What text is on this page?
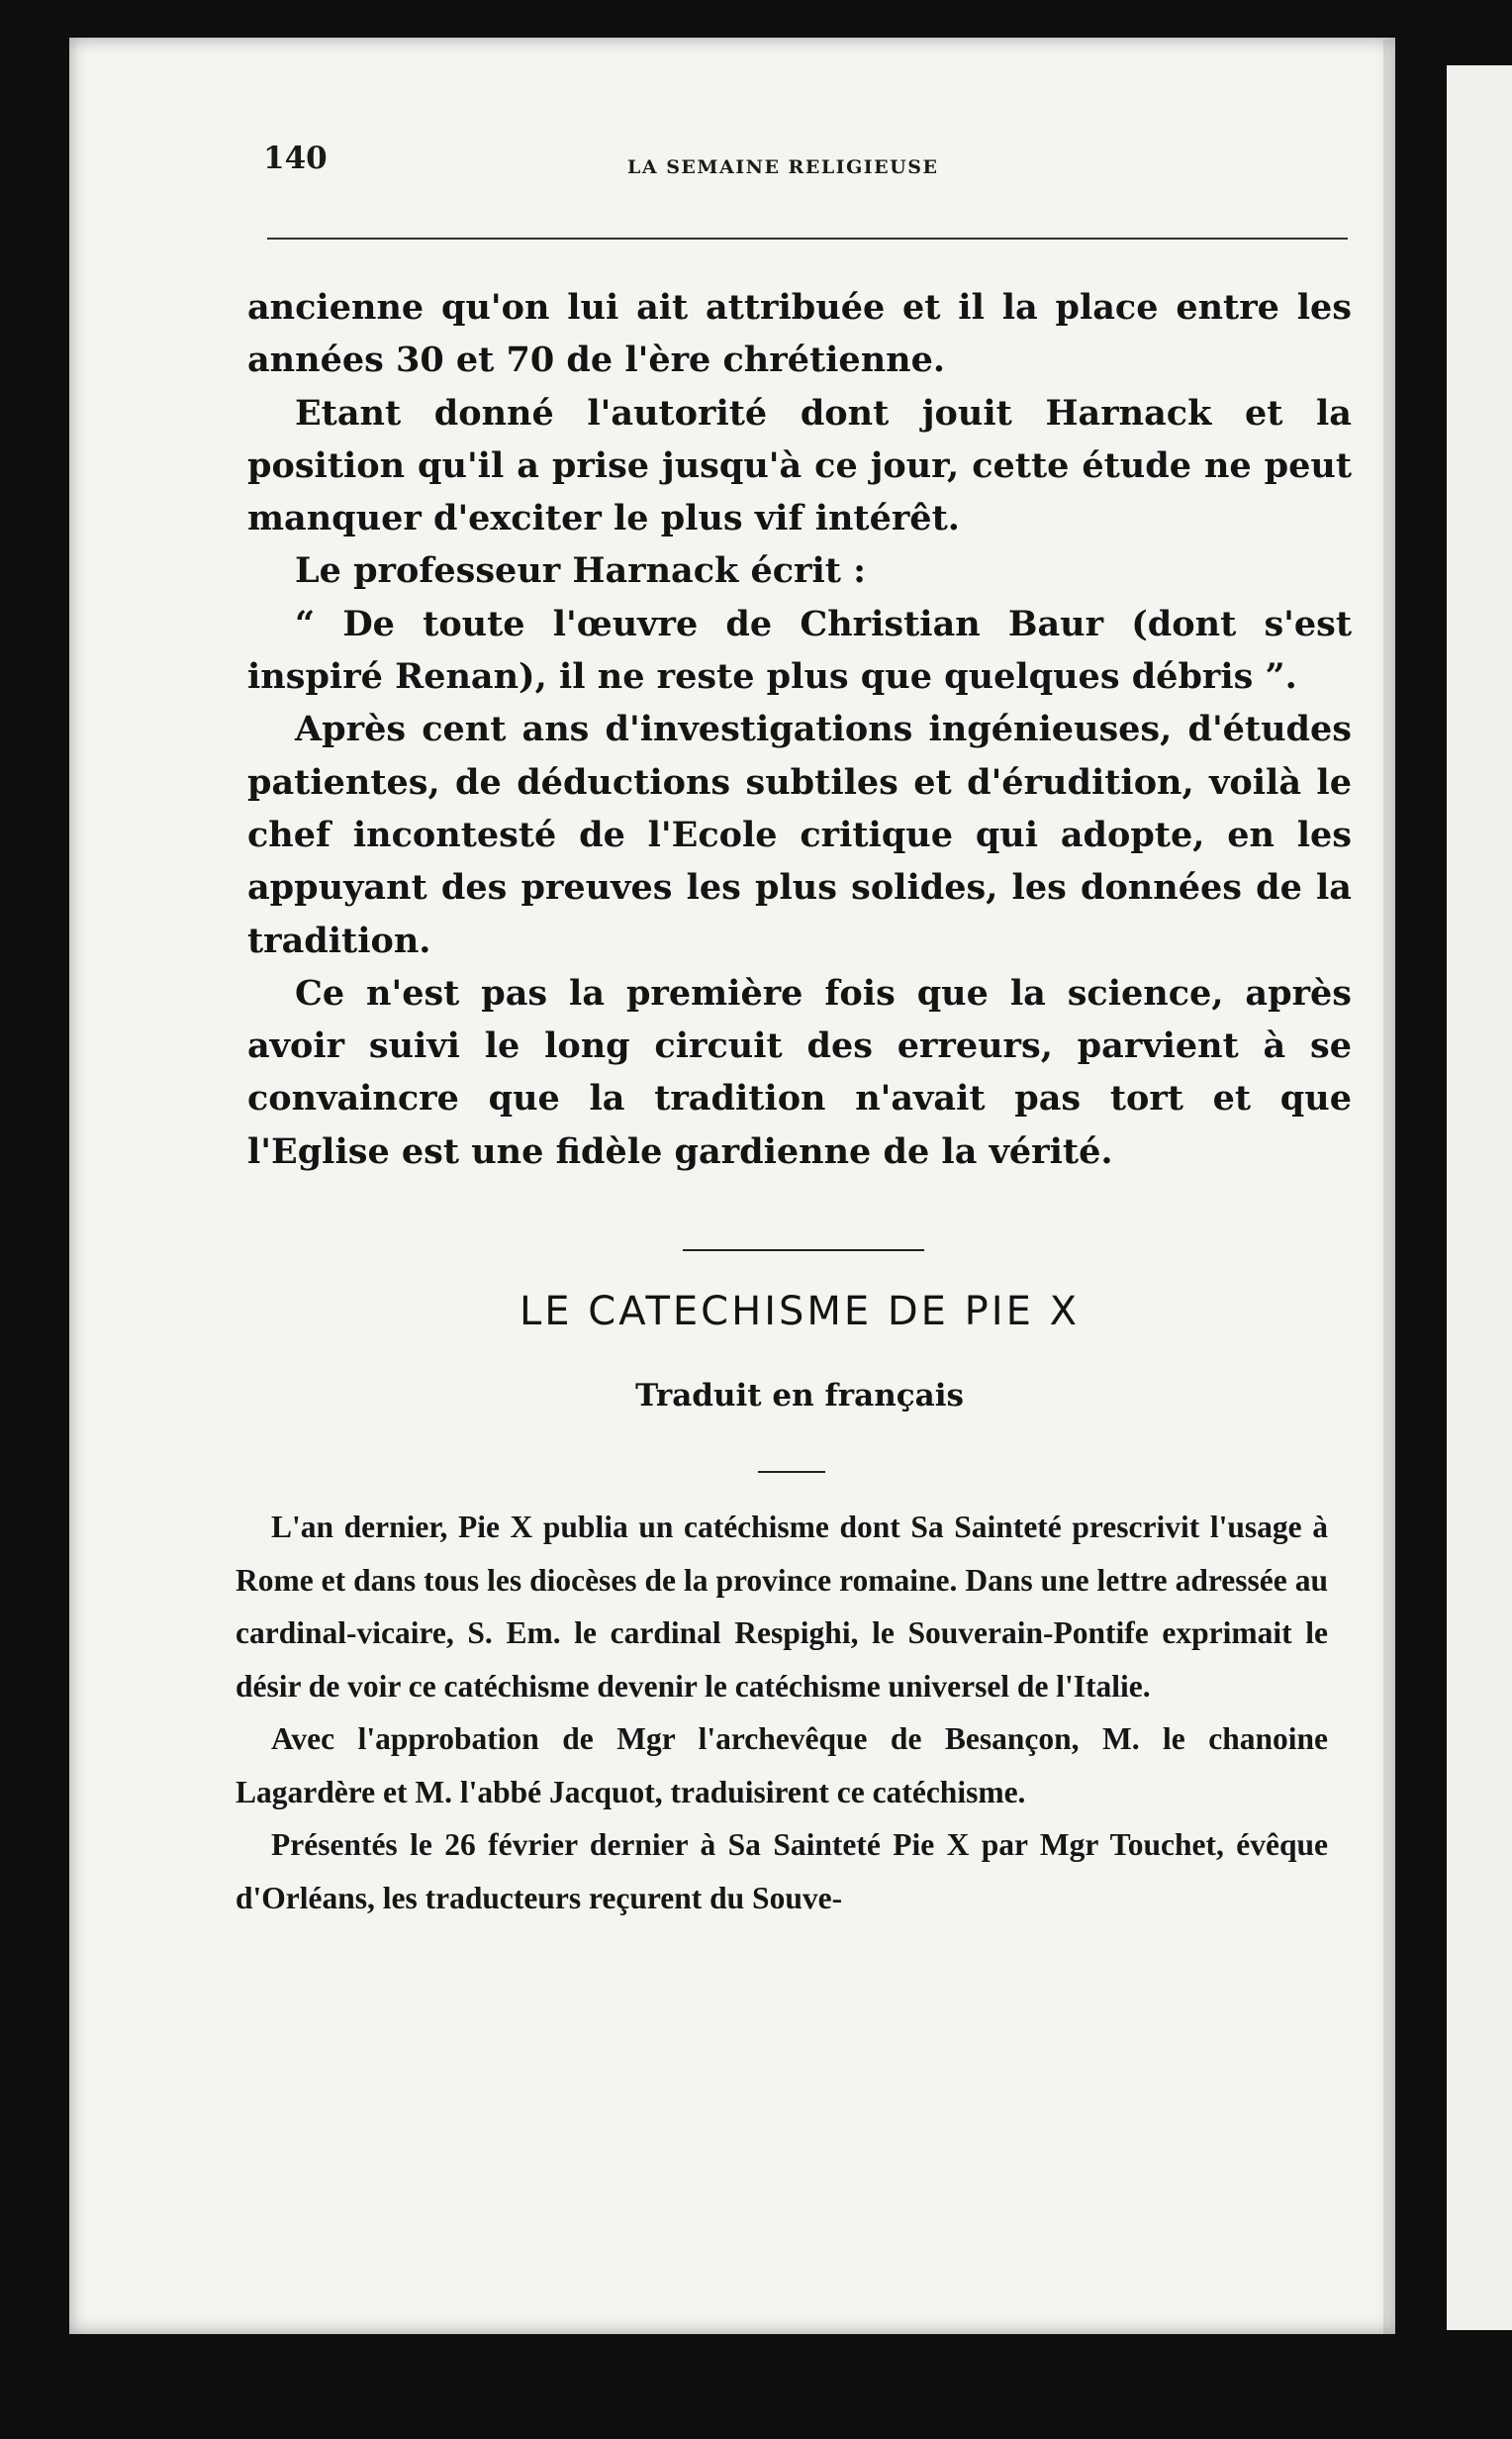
140	LA SEMAINE RELIGIEUSE

ancienne qu'on lui ait attribuée et il la place entre les années 30 et 70 de l'ère chrétienne.

Etant donné l'autorité dont jouit Harnack et la position qu'il a prise jusqu'à ce jour, cette étude ne peut manquer d'exciter le plus vif intérêt.

Le professeur Harnack écrit :

“ De toute l'œuvre de Christian Baur (dont s'est inspiré Renan), il ne reste plus que quelques débris ”.

Après cent ans d'investigations ingénieuses, d'études patientes, de déductions subtiles et d'érudition, voilà le chef incontesté de l'Ecole critique qui adopte, en les appuyant des preuves les plus solides, les données de la tradition.

Ce n'est pas la première fois que la science, après avoir suivi le long circuit des erreurs, parvient à se convaincre que la tradition n'avait pas tort et que l'Eglise est une fidèle gardienne de la vérité.

LE CATECHISME DE PIE X
Traduit en français

L'an dernier, Pie X publia un catéchisme dont Sa Sainteté prescrivit l'usage à Rome et dans tous les diocèses de la province romaine. Dans une lettre adressée au cardinal-vicaire, S. Em. le cardinal Respighi, le Souverain-Pontife exprimait le désir de voir ce catéchisme devenir le catéchisme universel de l'Italie.

Avec l'approbation de Mgr l'archevêque de Besançon, M. le chanoine Lagardère et M. l'abbé Jacquot, traduisirent ce catéchisme.

Présentés le 26 février dernier à Sa Sainteté Pie X par Mgr Touchet, évêque d'Orléans, les traducteurs reçurent du Souve-
